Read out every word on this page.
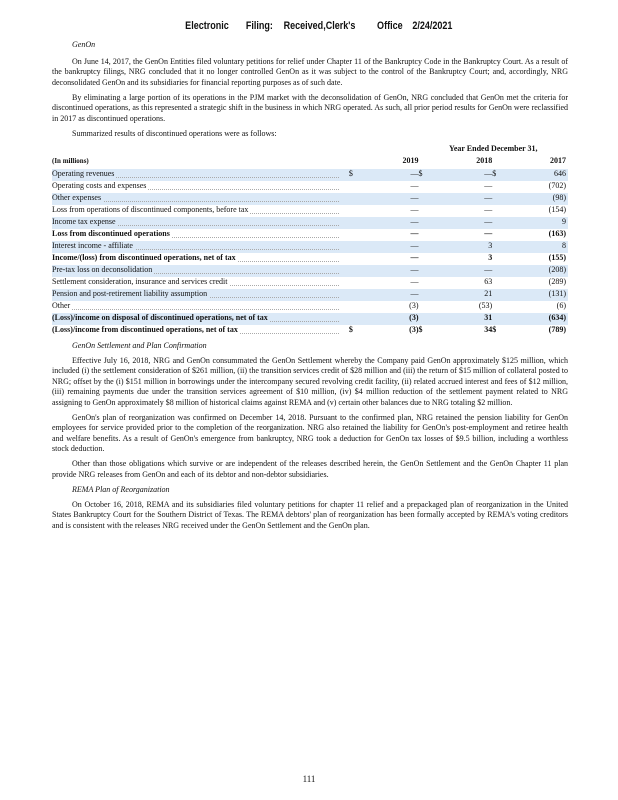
Electronic Filing: Received,Clerk's Office 2/24/2021
GenOn

On June 14, 2017, the GenOn Entities filed voluntary petitions for relief under Chapter 11 of the Bankruptcy Code in the Bankruptcy Court. As a result of the bankruptcy filings, NRG concluded that it no longer controlled GenOn as it was subject to the control of the Bankruptcy Court; and, accordingly, NRG deconsolidated GenOn and its subsidiaries for financial reporting purposes as of such date.

By eliminating a large portion of its operations in the PJM market with the deconsolidation of GenOn, NRG concluded that GenOn met the criteria for discontinued operations, as this represented a strategic shift in the business in which NRG operated. As such, all prior period results for GenOn were reclassified in 2017 as discontinued operations.

Summarized results of discontinued operations were as follows:

			Year Ended December 31,			
(In millions)		2019		2018		2017

Operating revenues	$	—	$	—	$	646

Operating costs and expenses		—		—		(702)

Other expenses		—		—		(98)

Loss from operations of discontinued components, before tax		—		—		(154)

Income tax expense		—		—		9

Loss from discontinued operations		—		—		(163)

Interest income - affiliate		—		3		8

Income/(loss) from discontinued operations, net of tax		—		3		(155)

Pre-tax loss on deconsolidation		—		—		(208)

Settlement consideration, insurance and services credit		—		63		(289)

Pension and post-retirement liability assumption		—		21		(131)

Other		(3)		(53)		(6)

(Loss)/income on disposal of discontinued operations, net of tax		(3)		31		(634)

(Loss)/income from discontinued operations, net of tax	$	(3)	$	34	$	(789)
GenOn Settlement and Plan Confirmation

Effective July 16, 2018, NRG and GenOn consummated the GenOn Settlement whereby the Company paid GenOn approximately $125 million, which included (i) the settlement consideration of $261 million, (ii) the transition services credit of $28 million and (iii) the return of $15 million of collateral posted to NRG; offset by the (i) $151 million in borrowings under the intercompany secured revolving credit facility, (ii) related accrued interest and fees of $12 million, (iii) remaining payments due under the transition services agreement of $10 million, (iv) $4 million reduction of the settlement payment related to NRG assigning to GenOn approximately $8 million of historical claims against REMA and (v) certain other balances due to NRG totaling $2 million.

GenOn's plan of reorganization was confirmed on December 14, 2018. Pursuant to the confirmed plan, NRG retained the pension liability for GenOn employees for service provided prior to the completion of the reorganization. NRG also retained the liability for GenOn's post-employment and retiree health and welfare benefits. As a result of GenOn's emergence from bankruptcy, NRG took a deduction for GenOn tax losses of $9.5 billion, including a worthless stock deduction.

Other than those obligations which survive or are independent of the releases described herein, the GenOn Settlement and the GenOn Chapter 11 plan provide NRG releases from GenOn and each of its debtor and non-debtor subsidiaries.

REMA Plan of Reorganization

On October 16, 2018, REMA and its subsidiaries filed voluntary petitions for chapter 11 relief and a prepackaged plan of reorganization in the United States Bankruptcy Court for the Southern District of Texas. The REMA debtors' plan of reorganization has been formally accepted by REMA's voting creditors and is consistent with the releases NRG received under the GenOn Settlement and the GenOn plan.

111
